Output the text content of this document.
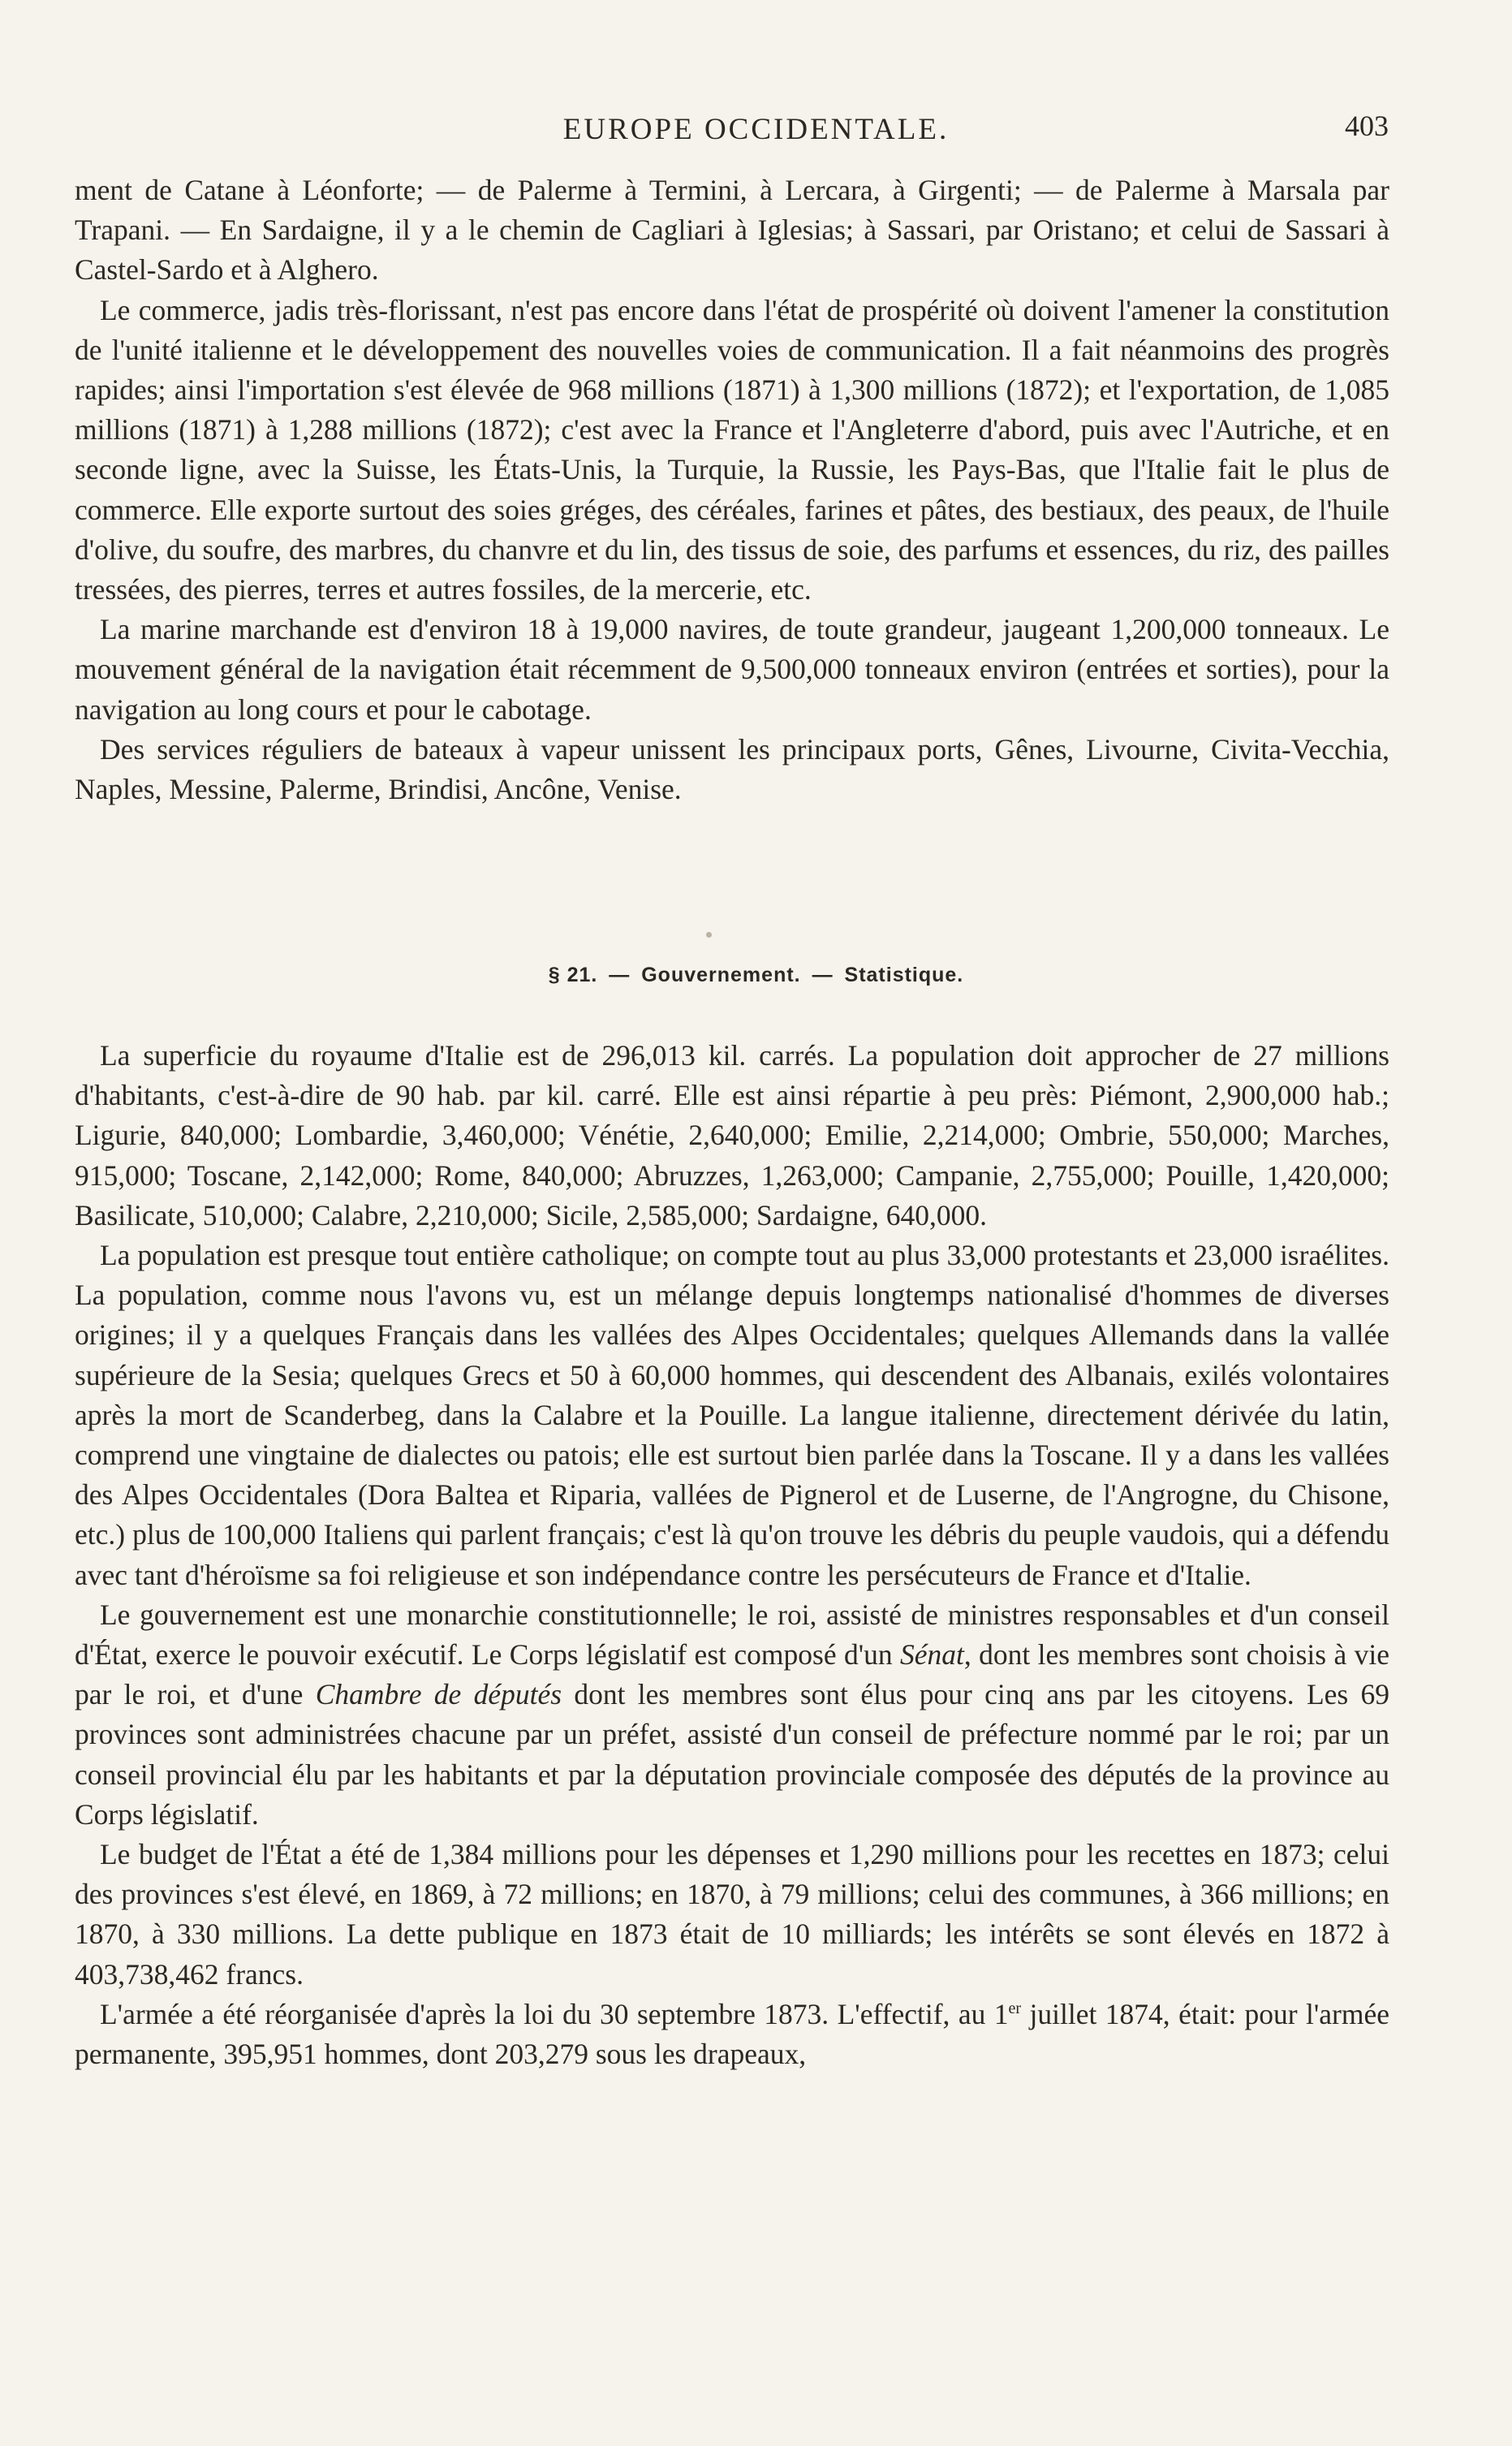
EUROPE OCCIDENTALE.	403

ment de Catane à Léonforte; — de Palerme à Termini, à Lercara, à Girgenti; — de Palerme à Marsala par Trapani. — En Sardaigne, il y a le chemin de Cagliari à Iglesias; à Sassari, par Oristano; et celui de Sassari à Castel-Sardo et à Alghero.

Le commerce, jadis très-florissant, n'est pas encore dans l'état de prospérité où doivent l'amener la constitution de l'unité italienne et le développement des nouvelles voies de communication. Il a fait néanmoins des progrès rapides; ainsi l'importation s'est élevée de 968 millions (1871) à 1,300 millions (1872); et l'exportation, de 1,085 millions (1871) à 1,288 millions (1872); c'est avec la France et l'Angleterre d'abord, puis avec l'Autriche, et en seconde ligne, avec la Suisse, les États-Unis, la Turquie, la Russie, les Pays-Bas, que l'Italie fait le plus de commerce. Elle exporte surtout des soies gréges, des céréales, farines et pâtes, des bestiaux, des peaux, de l'huile d'olive, du soufre, des marbres, du chanvre et du lin, des tissus de soie, des parfums et essences, du riz, des pailles tressées, des pierres, terres et autres fossiles, de la mercerie, etc.

La marine marchande est d'environ 18 à 19,000 navires, de toute grandeur, jaugeant 1,200,000 tonneaux. Le mouvement général de la navigation était récemment de 9,500,000 tonneaux environ (entrées et sorties), pour la navigation au long cours et pour le cabotage.

Des services réguliers de bateaux à vapeur unissent les principaux ports, Gênes, Livourne, Civita-Vecchia, Naples, Messine, Palerme, Brindisi, Ancône, Venise.

§ 21. — Gouvernement. — Statistique.

La superficie du royaume d'Italie est de 296,013 kil. carrés. La population doit approcher de 27 millions d'habitants, c'est-à-dire de 90 hab. par kil. carré. Elle est ainsi répartie à peu près: Piémont, 2,900,000 hab.; Ligurie, 840,000; Lombardie, 3,460,000; Vénétie, 2,640,000; Emilie, 2,214,000; Ombrie, 550,000; Marches, 915,000; Toscane, 2,142,000; Rome, 840,000; Abruzzes, 1,263,000; Campanie, 2,755,000; Pouille, 1,420,000; Basilicate, 510,000; Calabre, 2,210,000; Sicile, 2,585,000; Sardaigne, 640,000.

La population est presque tout entière catholique; on compte tout au plus 33,000 protestants et 23,000 israélites. La population, comme nous l'avons vu, est un mélange depuis longtemps nationalisé d'hommes de diverses origines; il y a quelques Français dans les vallées des Alpes Occidentales; quelques Allemands dans la vallée supérieure de la Sesia; quelques Grecs et 50 à 60,000 hommes, qui descendent des Albanais, exilés volontaires après la mort de Scanderbeg, dans la Calabre et la Pouille. La langue italienne, directement dérivée du latin, comprend une vingtaine de dialectes ou patois; elle est surtout bien parlée dans la Toscane. Il y a dans les vallées des Alpes Occidentales (Dora Baltea et Riparia, vallées de Pignerol et de Luserne, de l'Angrogne, du Chisone, etc.) plus de 100,000 Italiens qui parlent français; c'est là qu'on trouve les débris du peuple vaudois, qui a défendu avec tant d'héroïsme sa foi religieuse et son indépendance contre les persécuteurs de France et d'Italie.

Le gouvernement est une monarchie constitutionnelle; le roi, assisté de ministres responsables et d'un conseil d'État, exerce le pouvoir exécutif. Le Corps législatif est composé d'un Sénat, dont les membres sont choisis à vie par le roi, et d'une Chambre de députés dont les membres sont élus pour cinq ans par les citoyens. Les 69 provinces sont administrées chacune par un préfet, assisté d'un conseil de préfecture nommé par le roi; par un conseil provincial élu par les habitants et par la députation provinciale composée des députés de la province au Corps législatif.

Le budget de l'État a été de 1,384 millions pour les dépenses et 1,290 millions pour les recettes en 1873; celui des provinces s'est élevé, en 1869, à 72 millions; en 1870, à 79 millions; celui des communes, à 366 millions; en 1870, à 330 millions. La dette publique en 1873 était de 10 milliards; les intérêts se sont élevés en 1872 à 403,738,462 francs.

L'armée a été réorganisée d'après la loi du 30 septembre 1873. L'effectif, au 1er juillet 1874, était: pour l'armée permanente, 395,951 hommes, dont 203,279 sous les drapeaux,
